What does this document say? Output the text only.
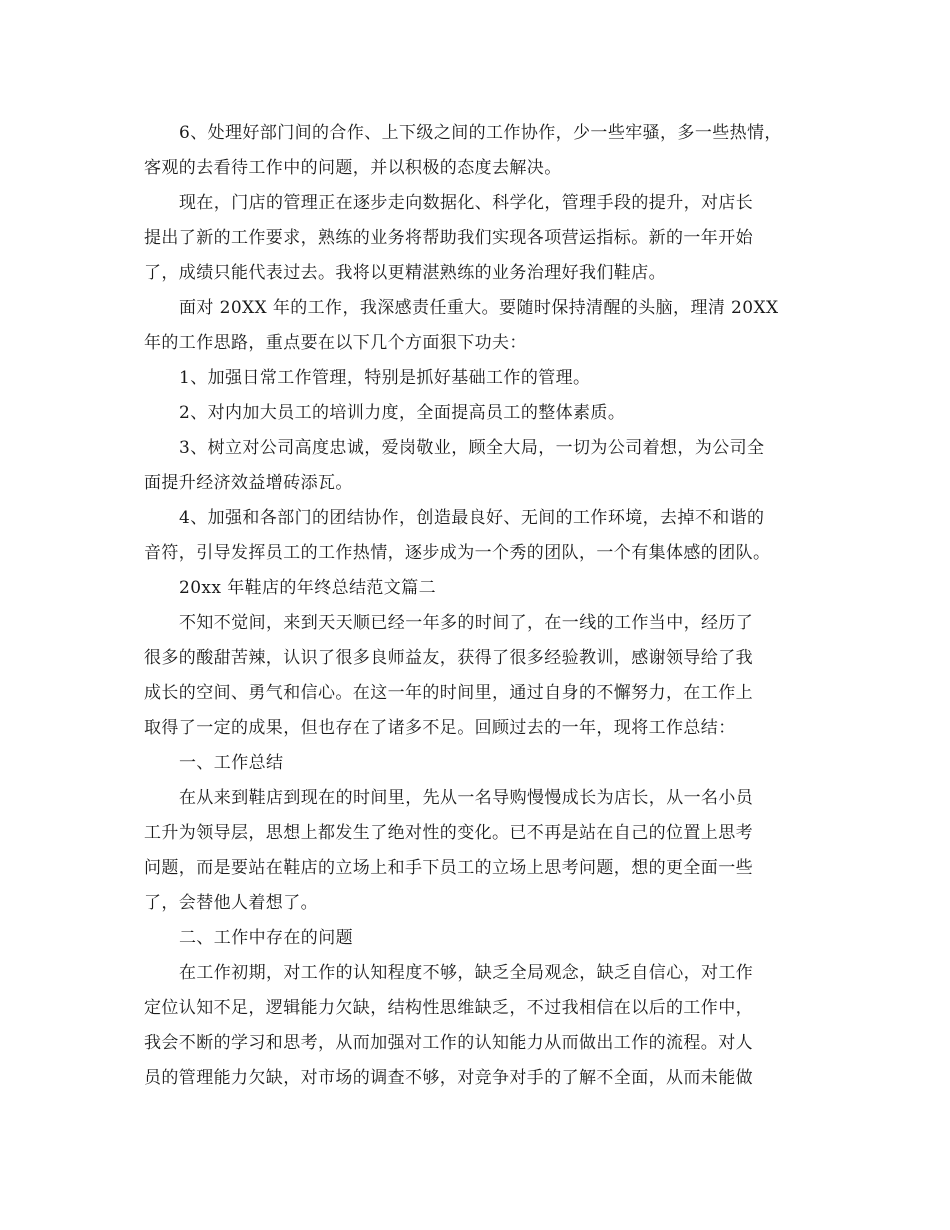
6、处理好部门间的合作、上下级之间的工作协作，少一些牢骚，多一些热情，
客观的去看待工作中的问题，并以积极的态度去解决。
现在，门店的管理正在逐步走向数据化、科学化，管理手段的提升，对店长
提出了新的工作要求，熟练的业务将帮助我们实现各项营运指标。新的一年开始
了，成绩只能代表过去。我将以更精湛熟练的业务治理好我们鞋店。
面对 20XX 年的工作，我深感责任重大。要随时保持清醒的头脑，理清 20XX
年的工作思路，重点要在以下几个方面狠下功夫：
1、加强日常工作管理，特别是抓好基础工作的管理。
2、对内加大员工的培训力度，全面提高员工的整体素质。
3、树立对公司高度忠诚，爱岗敬业，顾全大局，一切为公司着想，为公司全
面提升经济效益增砖添瓦。
4、加强和各部门的团结协作，创造最良好、无间的工作环境，去掉不和谐的
音符，引导发挥员工的工作热情，逐步成为一个秀的团队，一个有集体感的团队。
20xx 年鞋店的年终总结范文篇二
不知不觉间，来到天天顺已经一年多的时间了，在一线的工作当中，经历了
很多的酸甜苦辣，认识了很多良师益友，获得了很多经验教训，感谢领导给了我
成长的空间、勇气和信心。在这一年的时间里，通过自身的不懈努力，在工作上
取得了一定的成果，但也存在了诸多不足。回顾过去的一年，现将工作总结：
一、工作总结
在从来到鞋店到现在的时间里，先从一名导购慢慢成长为店长，从一名小员
工升为领导层，思想上都发生了绝对性的变化。已不再是站在自己的位置上思考
问题，而是要站在鞋店的立场上和手下员工的立场上思考问题，想的更全面一些
了，会替他人着想了。
二、工作中存在的问题
在工作初期，对工作的认知程度不够，缺乏全局观念，缺乏自信心，对工作
定位认知不足，逻辑能力欠缺，结构性思维缺乏，不过我相信在以后的工作中，
我会不断的学习和思考，从而加强对工作的认知能力从而做出工作的流程。对人
员的管理能力欠缺，对市场的调查不够，对竞争对手的了解不全面，从而未能做
